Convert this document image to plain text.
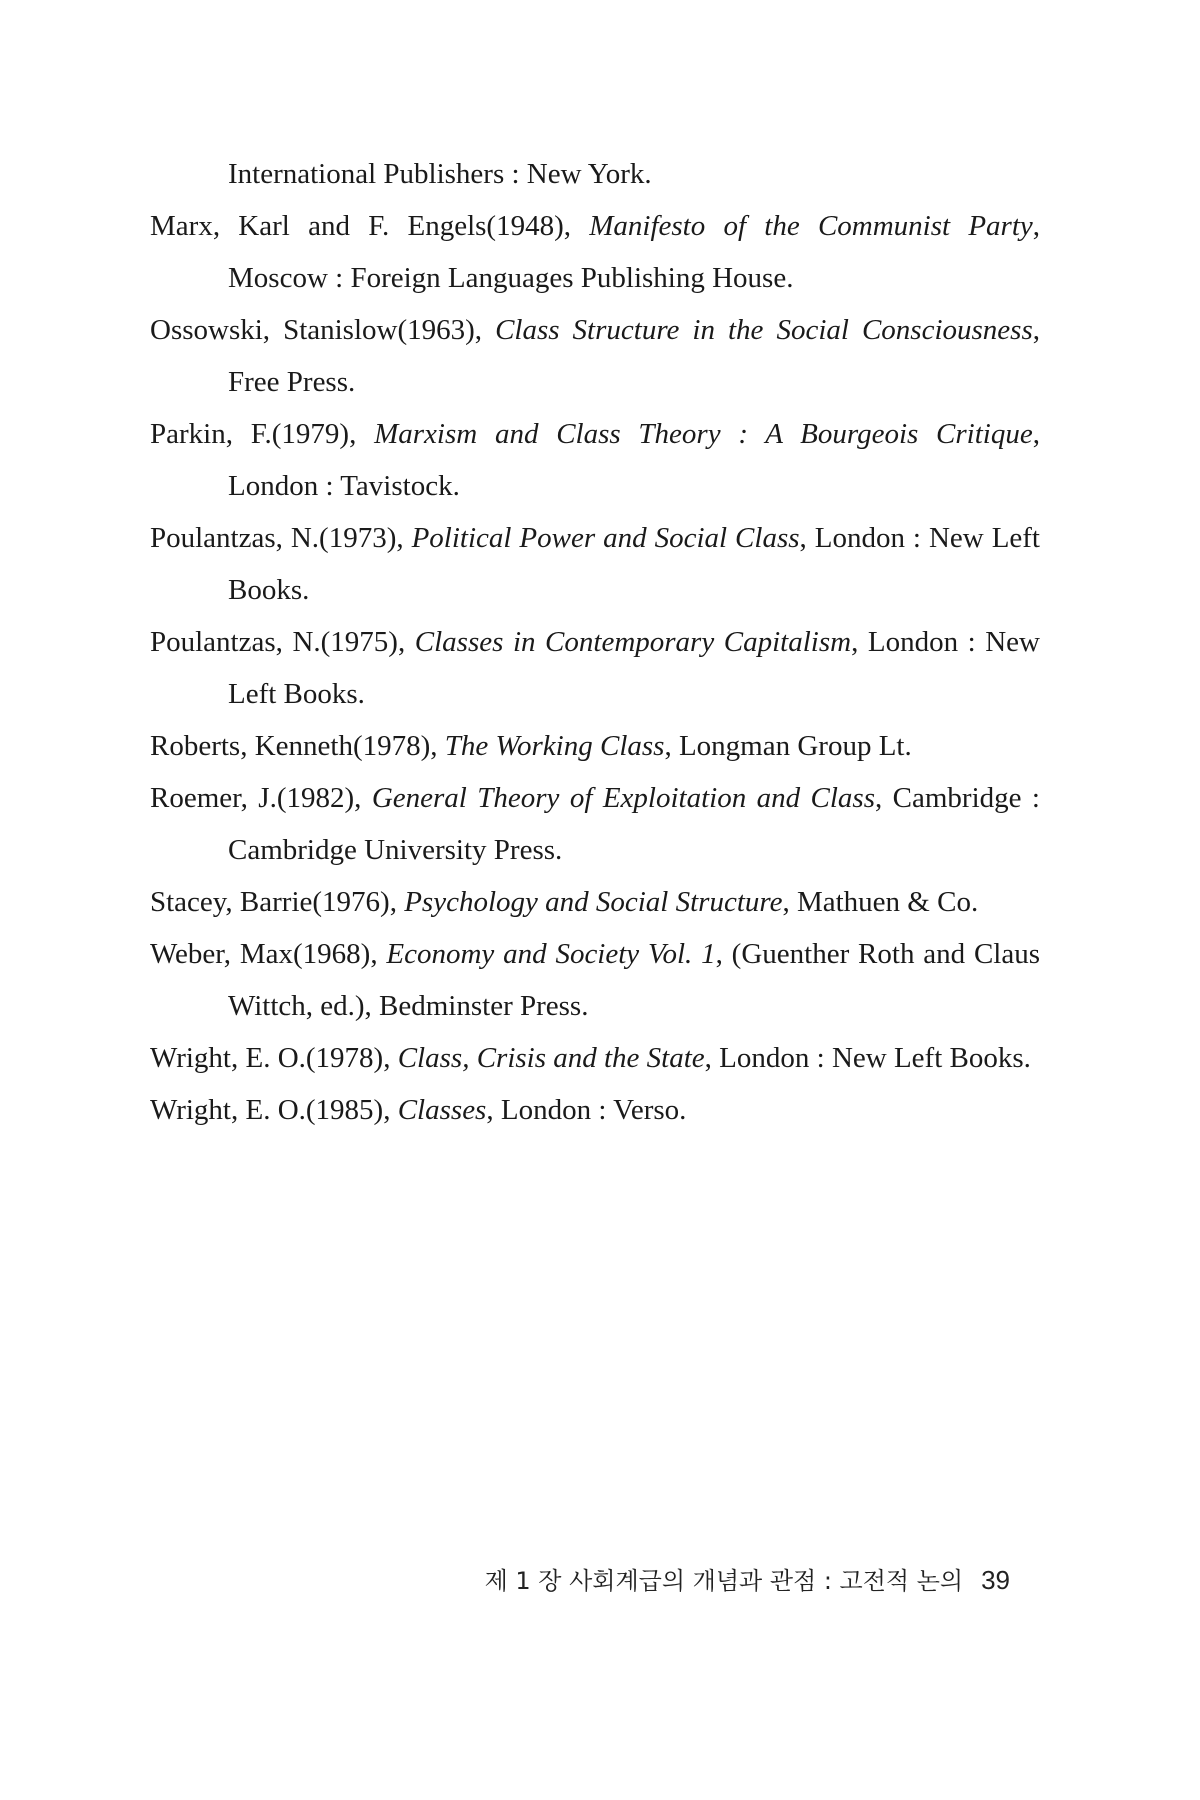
International Publishers : New York.
Marx, Karl and F. Engels(1948), Manifesto of the Communist Party, Moscow : Foreign Languages Publishing House.
Ossowski, Stanislow(1963), Class Structure in the Social Consciousness, Free Press.
Parkin, F.(1979), Marxism and Class Theory : A Bourgeois Critique, London : Tavistock.
Poulantzas, N.(1973), Political Power and Social Class, London : New Left Books.
Poulantzas, N.(1975), Classes in Contemporary Capitalism, London : New Left Books.
Roberts, Kenneth(1978), The Working Class, Longman Group Lt.
Roemer, J.(1982), General Theory of Exploitation and Class, Cambridge : Cambridge University Press.
Stacey, Barrie(1976), Psychology and Social Structure, Mathuen & Co.
Weber, Max(1968), Economy and Society Vol. 1, (Guenther Roth and Claus Wittch, ed.), Bedminster Press.
Wright, E. O.(1978), Class, Crisis and the State, London : New Left Books.
Wright, E. O.(1985), Classes, London : Verso.
제 1 장 사회계급의 개념과 관점 : 고전적 논의 39
